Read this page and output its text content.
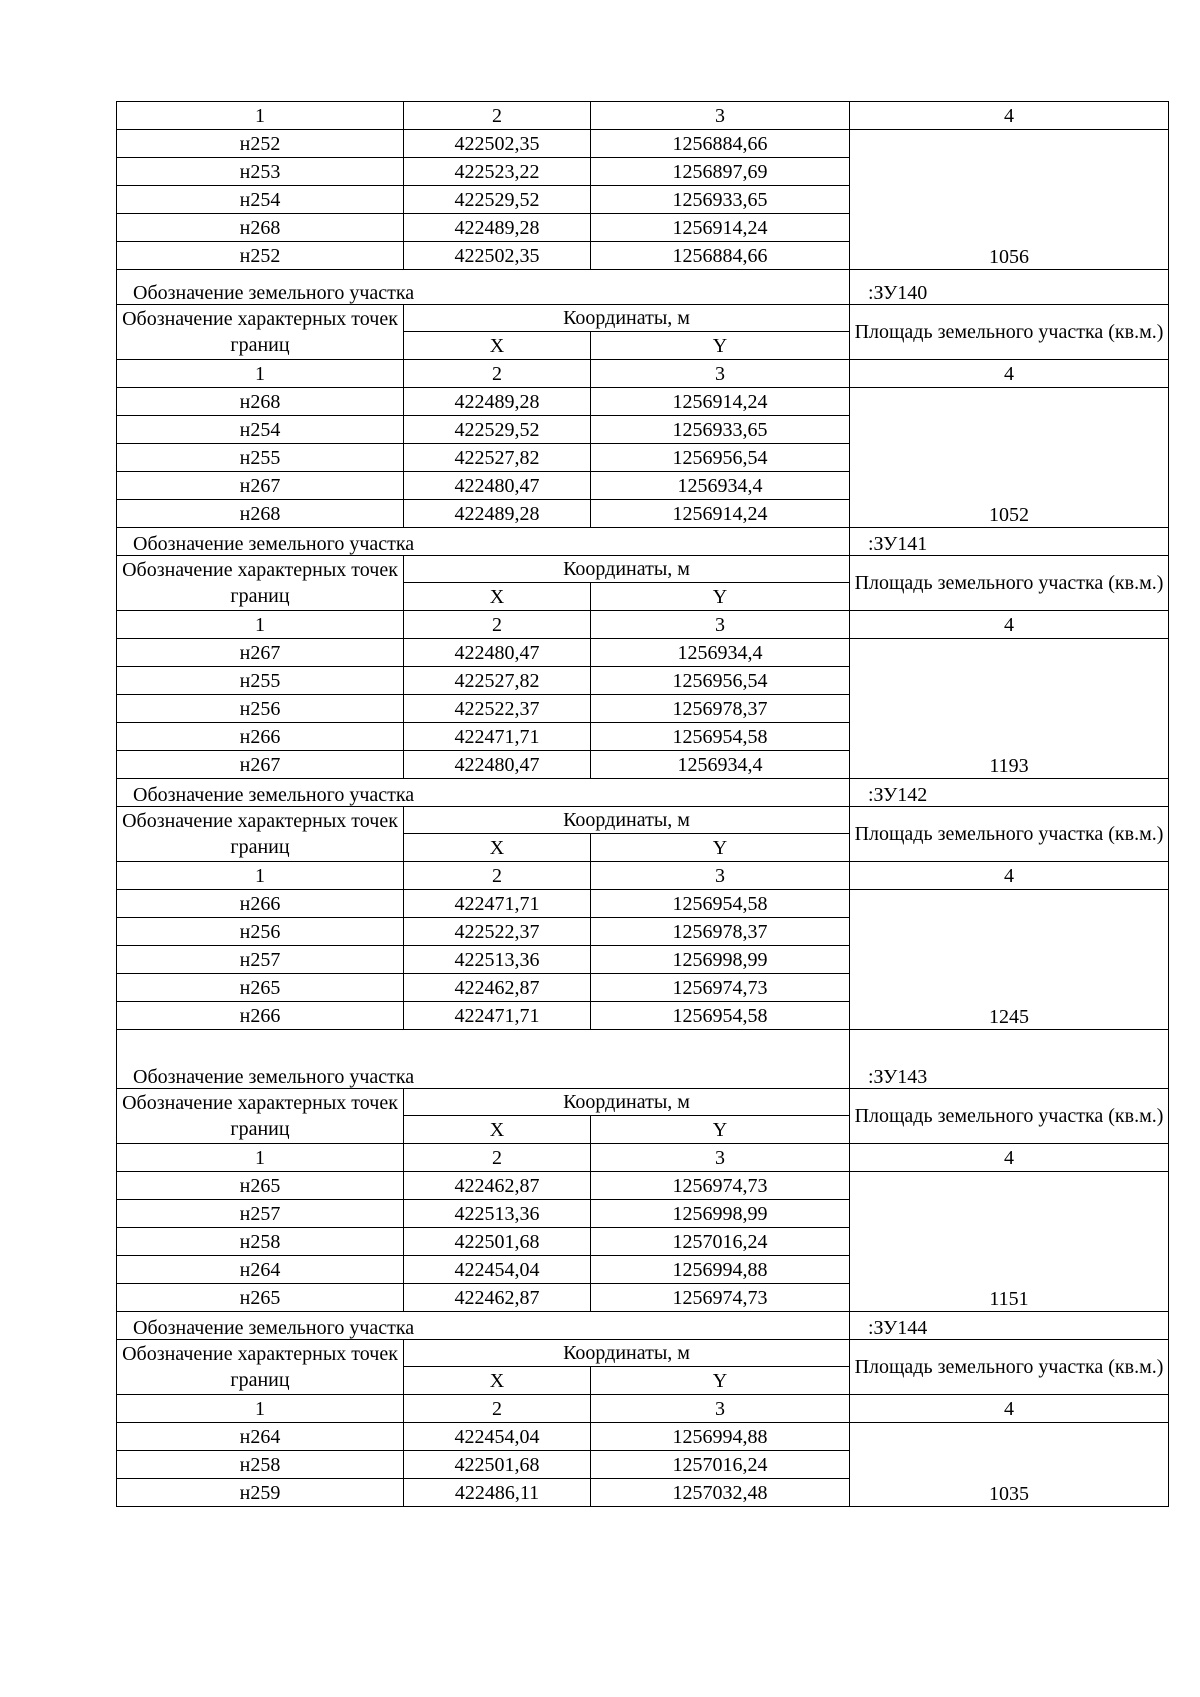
1	2	3	4
н252	422502,35	1256884,66	1056
н253	422523,22	1256897,69	
н254	422529,52	1256933,65	
н268	422489,28	1256914,24	
н252	422502,35	1256884,66	
Обозначение земельного участка			:ЗУ140
Обозначение характерных точек границ	Координаты, м		Площадь земельного участка (кв.м.)
	X	Y	
1	2	3	4
н268	422489,28	1256914,24	1052
н254	422529,52	1256933,65	
н255	422527,82	1256956,54	
н267	422480,47	1256934,4	
н268	422489,28	1256914,24	
Обозначение земельного участка			:ЗУ141
Обозначение характерных точек границ	Координаты, м		Площадь земельного участка (кв.м.)
	X	Y	
1	2	3	4
н267	422480,47	1256934,4	1193
н255	422527,82	1256956,54	
н256	422522,37	1256978,37	
н266	422471,71	1256954,58	
н267	422480,47	1256934,4	
Обозначение земельного участка			:ЗУ142
Обозначение характерных точек границ	Координаты, м		Площадь земельного участка (кв.м.)
	X	Y	
1	2	3	4
н266	422471,71	1256954,58	1245
н256	422522,37	1256978,37	
н257	422513,36	1256998,99	
н265	422462,87	1256974,73	
н266	422471,71	1256954,58	
Обозначение земельного участка			:ЗУ143
Обозначение характерных точек границ	Координаты, м		Площадь земельного участка (кв.м.)
	X	Y	
1	2	3	4
н265	422462,87	1256974,73	1151
н257	422513,36	1256998,99	
н258	422501,68	1257016,24	
н264	422454,04	1256994,88	
н265	422462,87	1256974,73	
Обозначение земельного участка			:ЗУ144
Обозначение характерных точек границ	Координаты, м		Площадь земельного участка (кв.м.)
	X	Y	
1	2	3	4
н264	422454,04	1256994,88	1035
н258	422501,68	1257016,24	
н259	422486,11	1257032,48	
